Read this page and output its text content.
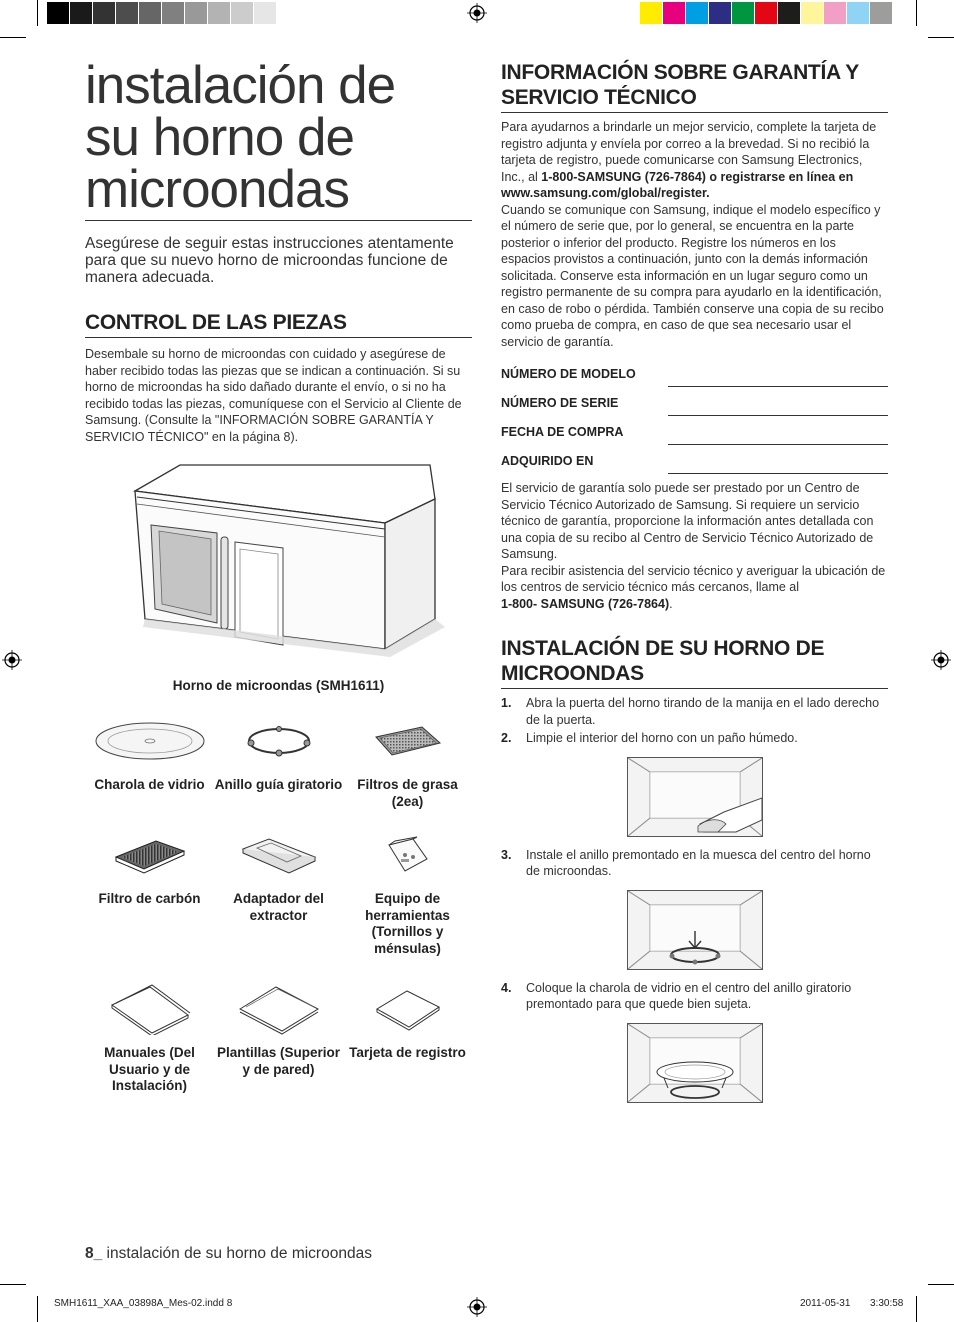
instalación de
su horno de
microondas

Asegúrese de seguir estas instrucciones atentamente para que su nuevo horno de microondas funcione de manera adecuada.

CONTROL DE LAS PIEZAS

Desembale su horno de microondas con cuidado y asegúrese de haber recibido todas las piezas que se indican a continuación. Si su horno de microondas ha sido dañado durante el envío, o si no ha recibido todas las piezas, comuníquese con el Servicio al Cliente de Samsung. (Consulte la "INFORMACIÓN SOBRE GARANTÍA Y SERVICIO TÉCNICO" en la página 8).

Horno de microondas (SMH1611)
Charola de vidrio Anillo guía giratorio	Filtros de grasa (2ea)
Filtro de carbón	Adaptador del extractor
Equipo de herramientas (Tornillos y ménsulas)
Manuales (Del Usuario y de Instalación)
Plantillas (Superior y de pared)
Tarjeta de registro
INFORMACIÓN SOBRE GARANTÍA Y SERVICIO TÉCNICO

Para ayudarnos a brindarle un mejor servicio, complete la tarjeta de registro adjunta y envíela por correo a la brevedad. Si no recibió la tarjeta de registro, puede comunicarse con Samsung Electronics, Inc., al 1-800-SAMSUNG (726-7864) o registrarse en línea en www.samsung.com/global/register.

Cuando se comunique con Samsung, indique el modelo específico y el número de serie que, por lo general, se encuentra en la parte posterior o inferior del producto. Registre los números en los espacios provistos a continuación, junto con la demás información solicitada. Conserve esta información en un lugar seguro como un registro permanente de su compra para ayudarlo en la identificación, en caso de robo o pérdida. También conserve una copia de su recibo como prueba de compra, en caso de que sea necesario usar el servicio de garantía.

NÚMERO DE MODELO
NÚMERO DE SERIE
FECHA DE COMPRA
ADQUIRIDO EN

El servicio de garantía solo puede ser prestado por un Centro de Servicio Técnico Autorizado de Samsung. Si requiere un servicio técnico de garantía, proporcione la información antes detallada con una copia de su recibo al Centro de Servicio Técnico Autorizado de Samsung.

Para recibir asistencia del servicio técnico y averiguar la ubicación de los centros de servicio técnico más cercanos, llame al
1-800- SAMSUNG (726-7864).

INSTALACIÓN DE SU HORNO DE MICROONDAS
1.	Abra la puerta del horno tirando de la manija en el lado derecho de la puerta.
2.	Limpie el interior del horno con un paño húmedo.
3.	Instale el anillo premontado en la muesca del centro del horno de microondas.
4.	Coloque la charola de vidrio en el centro del anillo giratorio premontado para que quede bien sujeta.
8_ instalación de su horno de microondas
SMH1611_XAA_03898A_Mes-02.indd 8	2011-05-31 3:30:58
